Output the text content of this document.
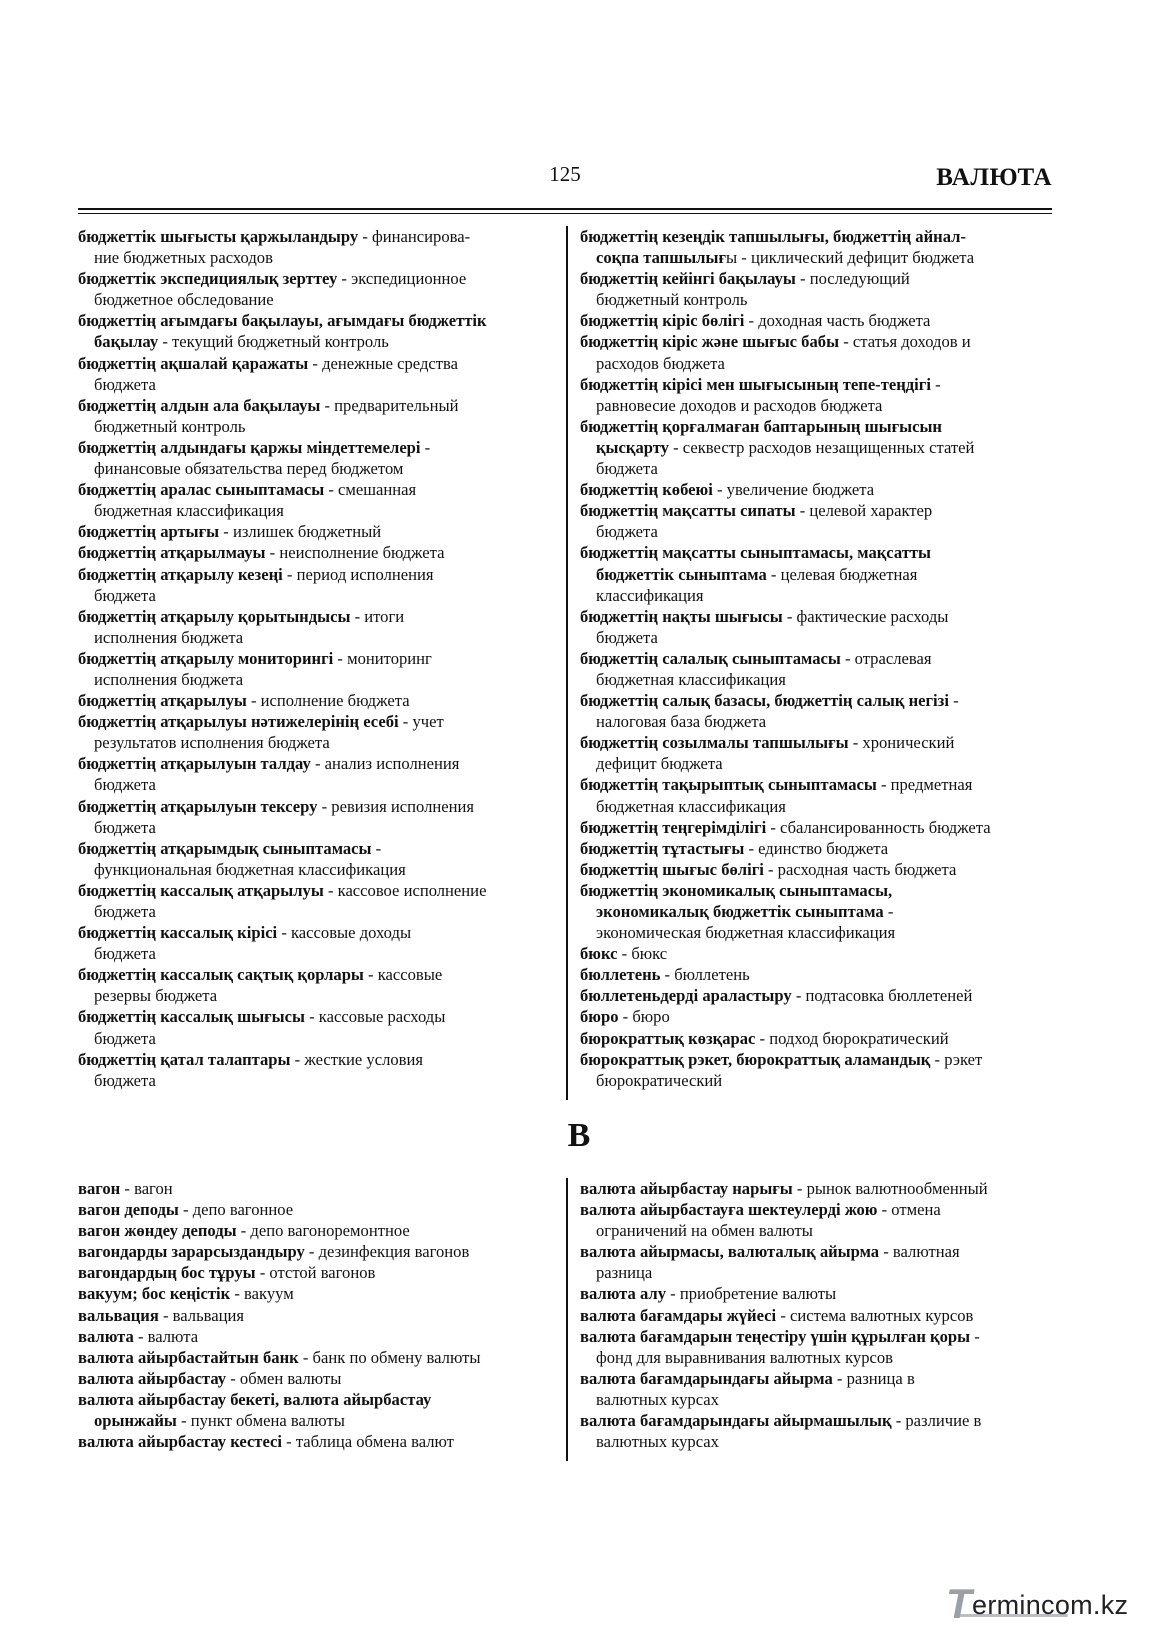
125	ВАЛЮТА
бюджеттік шығысты қаржыландыру - финансирова-
ние бюджетных расходов
бюджеттік экспедициялық зерттеу - экспедиционное
бюджетное обследование
бюджеттің ағымдағы бақылауы, ағымдағы бюджеттік
бақылау - текущий бюджетный контроль
бюджеттің ақшалай қаражаты - денежные средства
бюджета
бюджеттің алдын ала бақылауы - предварительный
бюджетный контроль
бюджеттің алдындағы қаржы міндеттемелері -
финансовые обязательства перед бюджетом
бюджеттің аралас сыныптамасы - смешанная
бюджетная классификация
бюджеттің артығы - излишек бюджетный
бюджеттің атқарылмауы - неисполнение бюджета
бюджеттің атқарылу кезеңі - период исполнения
бюджета
бюджеттің атқарылу қорытындысы - итоги
исполнения бюджета
бюджеттің атқарылу мониторингі - мониторинг
исполнения бюджета
бюджеттің атқарылуы - исполнение бюджета
бюджеттің атқарылуы нәтижелерінің есебі - учет
результатов исполнения бюджета
бюджеттің атқарылуын талдау - анализ исполнения
бюджета
бюджеттің атқарылуын тексеру - ревизия исполнения
бюджета
бюджеттің атқарымдық сыныптамасы -
функциональная бюджетная классификация
бюджеттің кассалық атқарылуы - кассовое исполнение
бюджета
бюджеттің кассалық кірісі - кассовые доходы
бюджета
бюджеттің кассалық сақтық қорлары - кассовые
резервы бюджета
бюджеттің кассалық шығысы - кассовые расходы
бюджета
бюджеттің қатал талаптары - жесткие условия
бюджета
бюджеттің кезеңдік тапшылығы, бюджеттің айнал-
соқпа тапшылығы - циклический дефицит бюджета
бюджеттің кейінгі бақылауы - последующий
бюджетный контроль
бюджеттің кіріс бөлігі - доходная часть бюджета
бюджеттің кіріс және шығыс бабы - статья доходов и
расходов бюджета
бюджеттің кірісі мен шығысының тепе-теңдігі -
равновесие доходов и расходов бюджета
бюджеттің қорғалмаған баптарының шығысын
қысқарту - секвестр расходов незащищенных статей
бюджета
бюджеттің көбеюі - увеличение бюджета
бюджеттің мақсатты сипаты - целевой характер
бюджета
бюджеттің мақсатты сыныптамасы, мақсатты
бюджеттік сыныптама - целевая бюджетная
классификация
бюджеттің нақты шығысы - фактические расходы
бюджета
бюджеттің салалық сыныптамасы - отраслевая
бюджетная классификация
бюджеттің салық базасы, бюджеттің салық негізі -
налоговая база бюджета
бюджеттің созылмалы тапшылығы - хронический
дефицит бюджета
бюджеттің тақырыптық сыныптамасы - предметная
бюджетная классификация
бюджеттің теңгерімділігі - сбалансированность бюджета
бюджеттің тұтастығы - единство бюджета
бюджеттің шығыс бөлігі - расходная часть бюджета
бюджеттің экономикалық сыныптамасы,
экономикалық бюджеттік сыныптама -
экономическая бюджетная классификация
бюкс - бюкс
бюллетень - бюллетень
бюллетеньдерді араластыру - подтасовка бюллетеней
бюро - бюро
бюрократтық көзқарас - подход бюрократический
бюрократтық рэкет, бюрократтық аламандық - рэкет
бюрократический
В
вагон - вагон
вагон деподы - депо вагонное
вагон жөндеу деподы - депо вагоноремонтное
вагондарды зарарсыздандыру - дезинфекция вагонов
вагондардың бос тұруы - отстой вагонов
вакуум; бос кеңістік - вакуум
вальвация - вальвация
валюта - валюта
валюта айырбастайтын банк - банк по обмену валюты
валюта айырбастау - обмен валюты
валюта айырбастау бекеті, валюта айырбастау
орынжайы - пункт обмена валюты
валюта айырбастау кестесі - таблица обмена валют
валюта айырбастау нарығы - рынок валютнообменный
валюта айырбастауға шектеулерді жою - отмена
ограничений на обмен валюты
валюта айырмасы, валюталық айырма - валютная
разница
валюта алу - приобретение валюты
валюта бағамдары жүйесі - система валютных курсов
валюта бағамдарын теңестіру үшін құрылған қоры -
фонд для выравнивания валютных курсов
валюта бағамдарындағы айырма - разница в
валютных курсах
валюта бағамдарындағы айырмашылық - различие в
валютных курсах
T ermincom.kz
